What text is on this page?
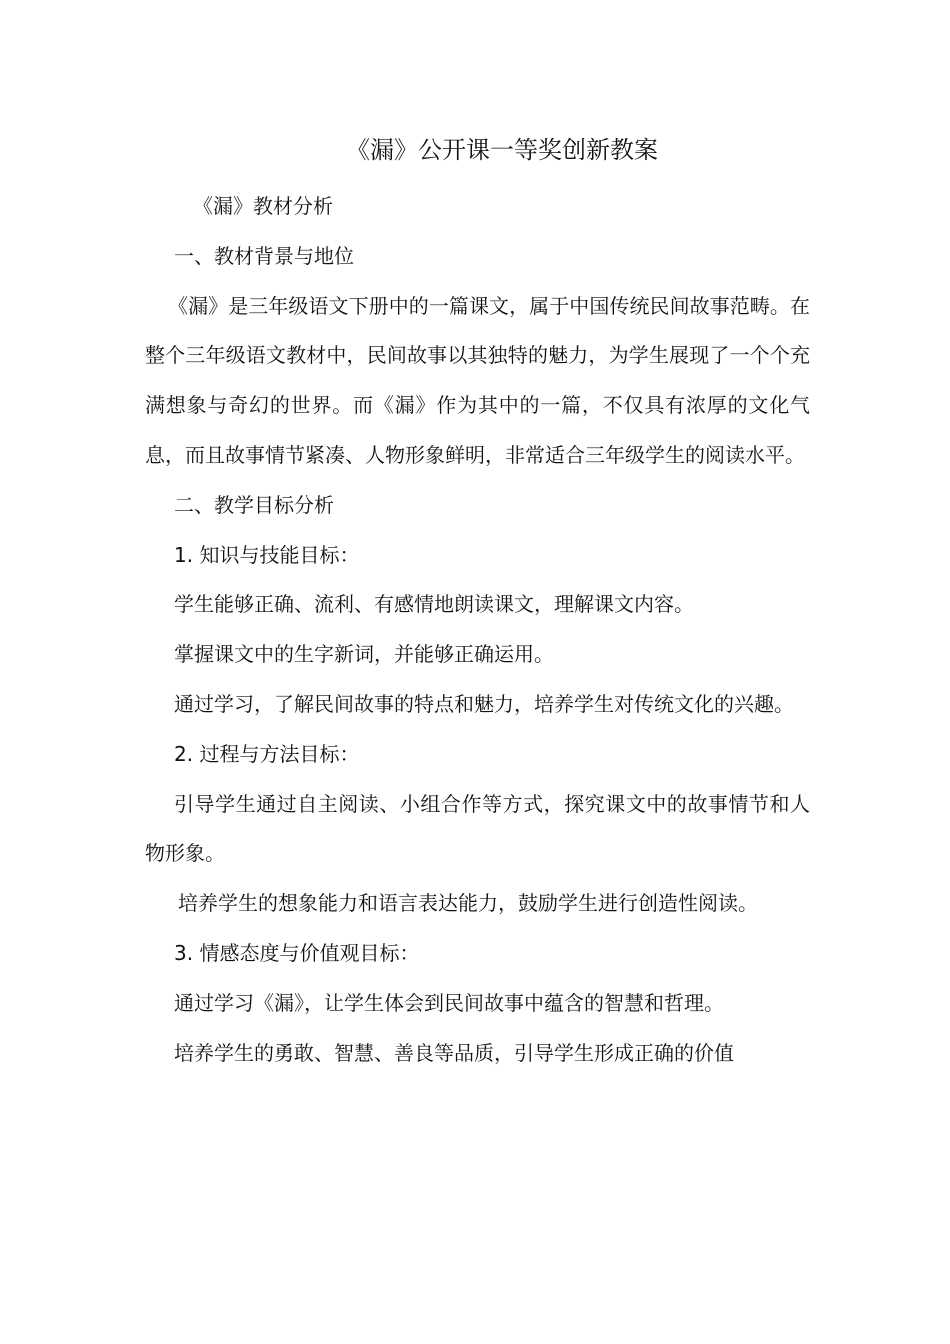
《漏》公开课一等奖创新教案

《漏》教材分析

一、教材背景与地位

《漏》是三年级语文下册中的一篇课文，属于中国传统民间故事范畴。在整个三年级语文教材中，民间故事以其独特的魅力，为学生展现了一个个充满想象与奇幻的世界。而《漏》作为其中的一篇，不仅具有浓厚的文化气息，而且故事情节紧凑、人物形象鲜明，非常适合三年级学生的阅读水平。

二、教学目标分析

1. 知识与技能目标：

学生能够正确、流利、有感情地朗读课文，理解课文内容。

掌握课文中的生字新词，并能够正确运用。

通过学习，了解民间故事的特点和魅力，培养学生对传统文化的兴趣。

2. 过程与方法目标：

引导学生通过自主阅读、小组合作等方式，探究课文中的故事情节和人物形象。

培养学生的想象能力和语言表达能力，鼓励学生进行创造性阅读。

3. 情感态度与价值观目标：

通过学习《漏》，让学生体会到民间故事中蕴含的智慧和哲理。

培养学生的勇敢、智慧、善良等品质，引导学生形成正确的价值
